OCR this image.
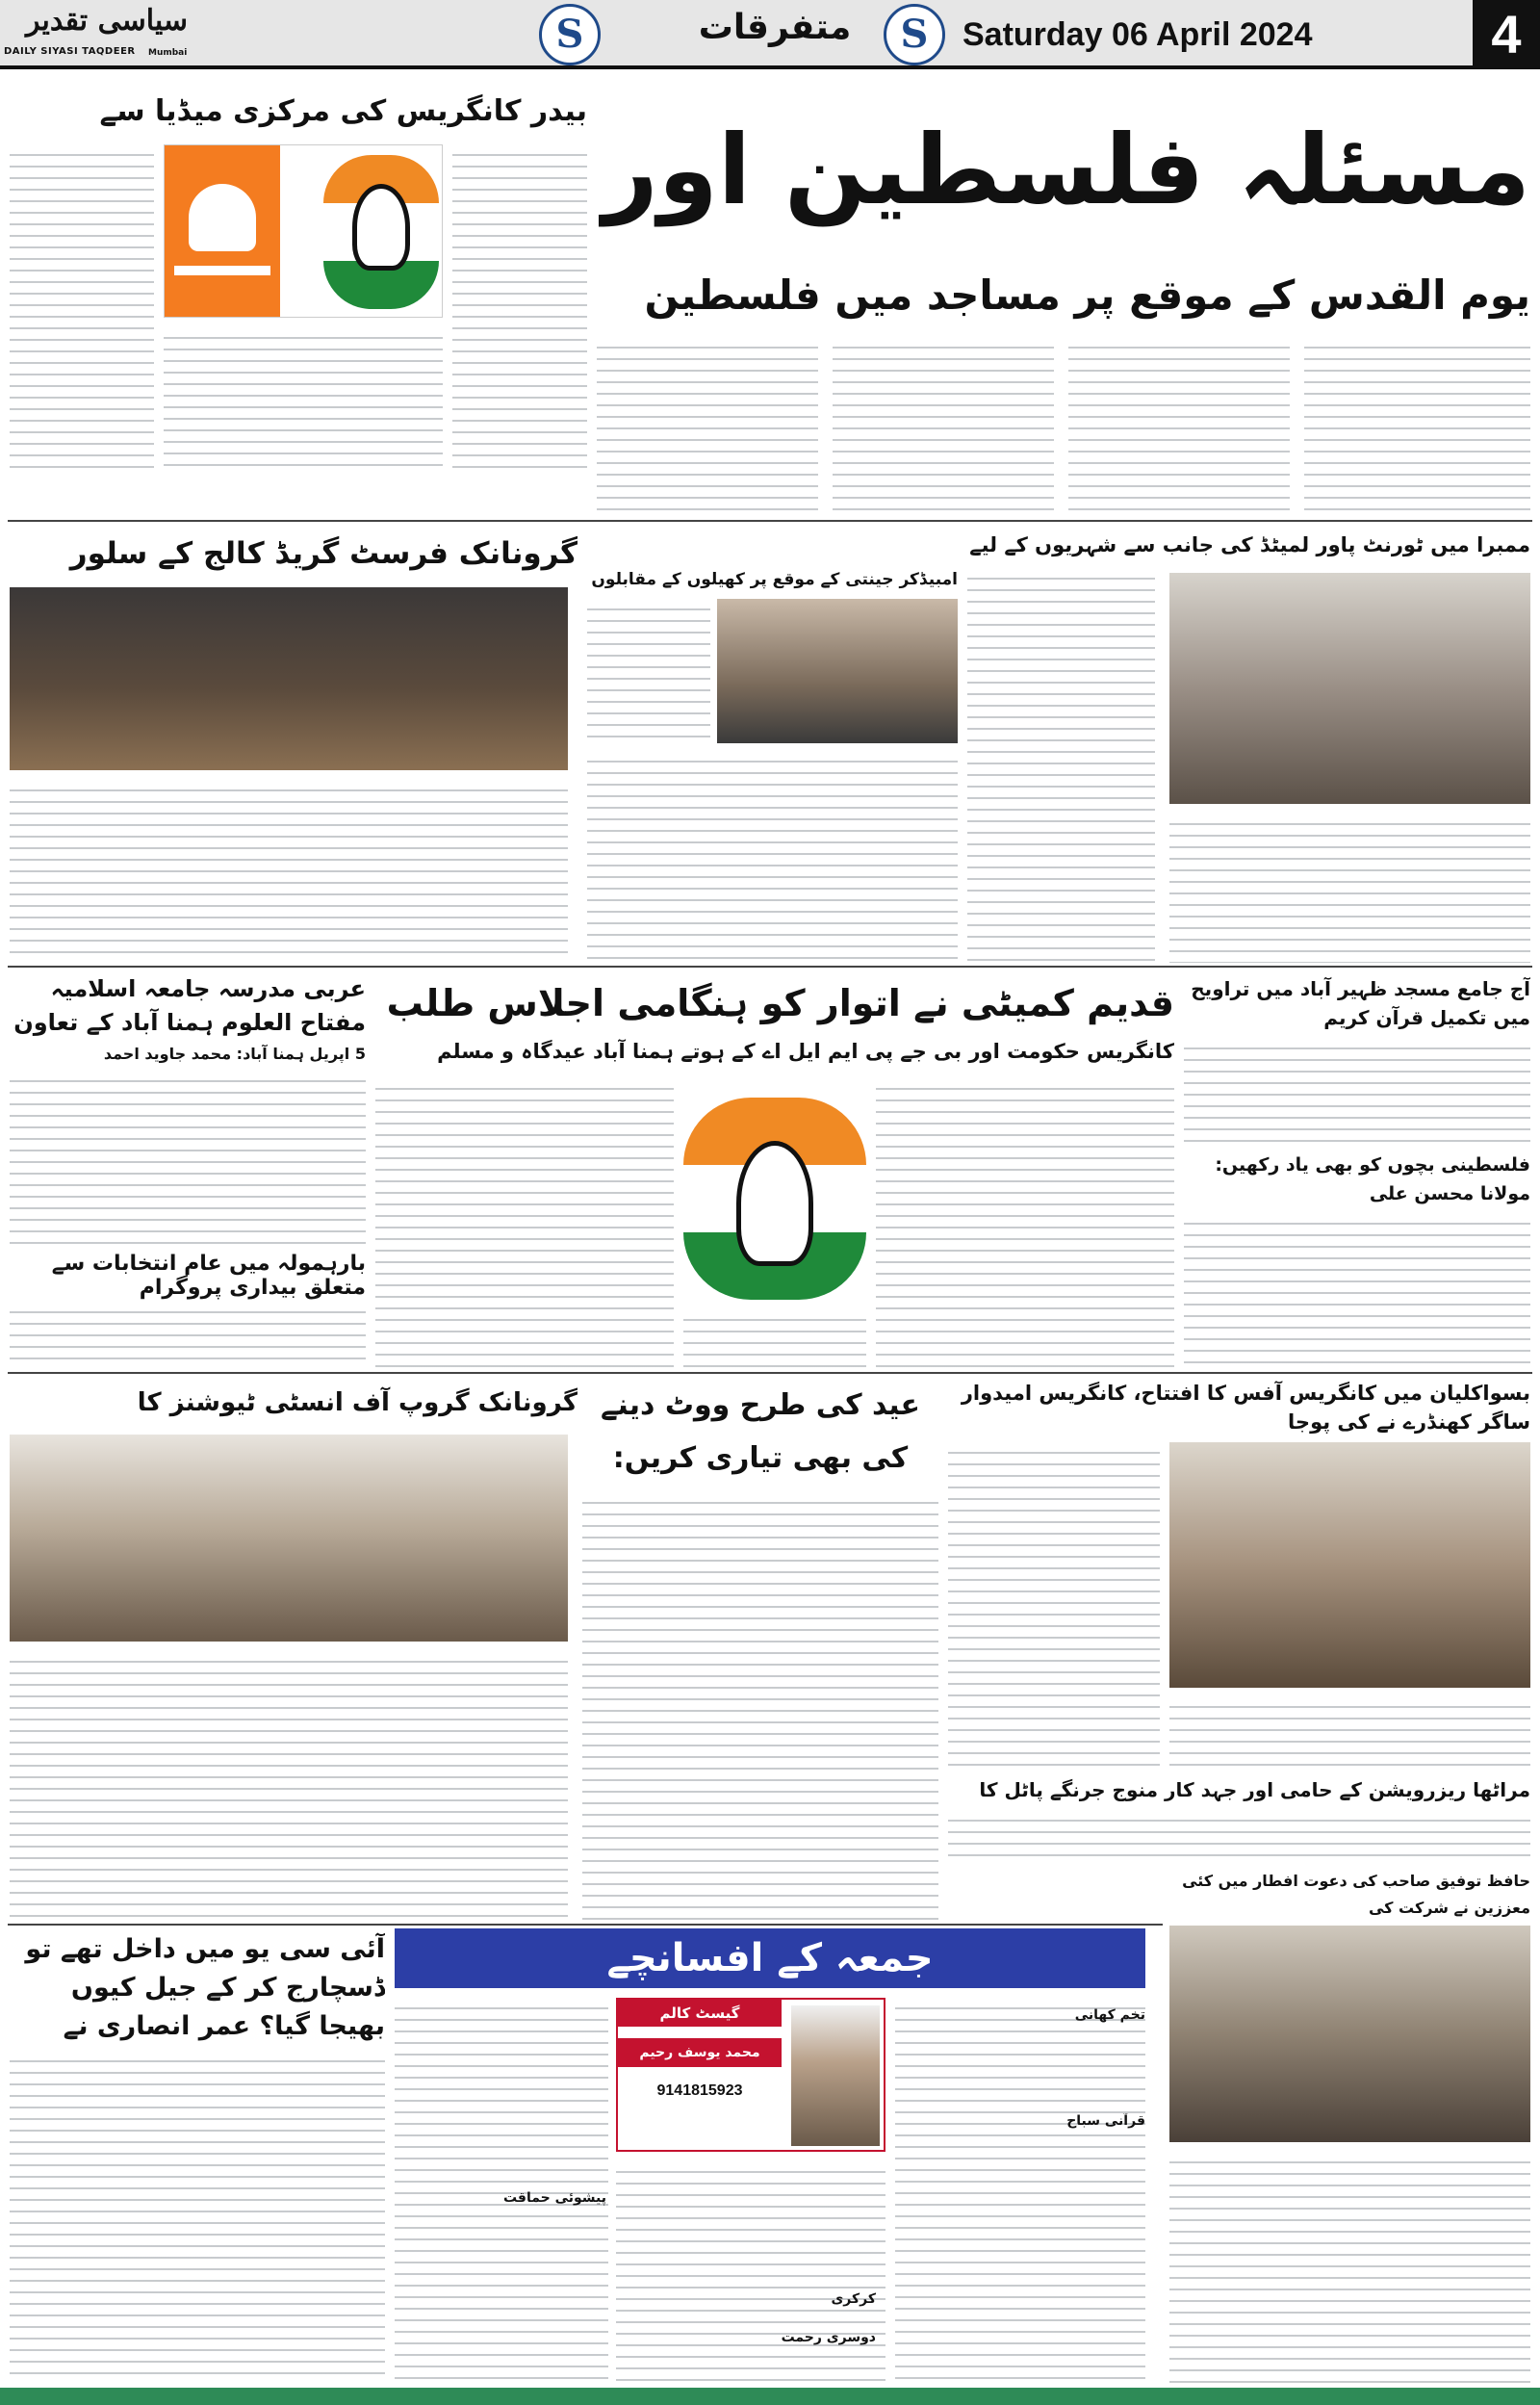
سیاسی تقدیر
DAILY SIYASI TAQDEER	Mumbai	S	متفرقات	S	Saturday 06 April 2024	4
مسئلہ فلسطین اور
یوم القدس کے موقع پر مساجد میں فلسطین
بیدر کانگریس کی مرکزی میڈیا سے
گرونانک فرسٹ گریڈ کالج کے سلور
امبیڈکر جینتی کے موقع پر کھیلوں کے مقابلوں
ممبرا میں ٹورنٹ پاور لمیٹڈ کی جانب سے شہریوں کے لیے
عربی مدرسہ جامعہ اسلامیہ مفتاح العلوم ہمنا آباد کے تعاون
5 اپریل ہمنا آباد: محمد جاوید احمد
قدیم کمیٹی نے اتوار کو ہنگامی اجلاس طلب
کانگریس حکومت اور بی جے پی ایم ایل اے کے ہوتے ہمنا آباد عیدگاہ و مسلم
آج جامع مسجد ظہیر آباد میں تراویح میں تکمیل قرآن کریم
فلسطینی بچوں کو بھی یاد رکھیں: مولانا محسن علی
بارہمولہ میں عام انتخابات سے متعلق بیداری پروگرام
گرونانک گروپ آف انسٹی ٹیوشنز کا	عید کی طرح ووٹ دینے کی بھی تیاری کریں:
بسواکلیان میں کانگریس آفس کا افتتاح، کانگریس امیدوار ساگر کھنڈرے نے کی پوجا
مراٹھا ریزرویشن کے حامی اور جہد کار منوج جرنگے پاٹل کا
حافظ توفیق صاحب کی دعوت افطار میں کئی معززین نے شرکت کی
آئی سی یو میں داخل تھے تو ڈسچارج کر کے جیل کیوں بھیجا گیا؟ عمر انصاری نے
جمعہ کے افسانچے
گیسٹ کالم
محمد یوسف رحیم
9141815923
تخم کھانی
قرآنی سباح
کرکری
دوسری رحمت
پیشوئی حماقت
